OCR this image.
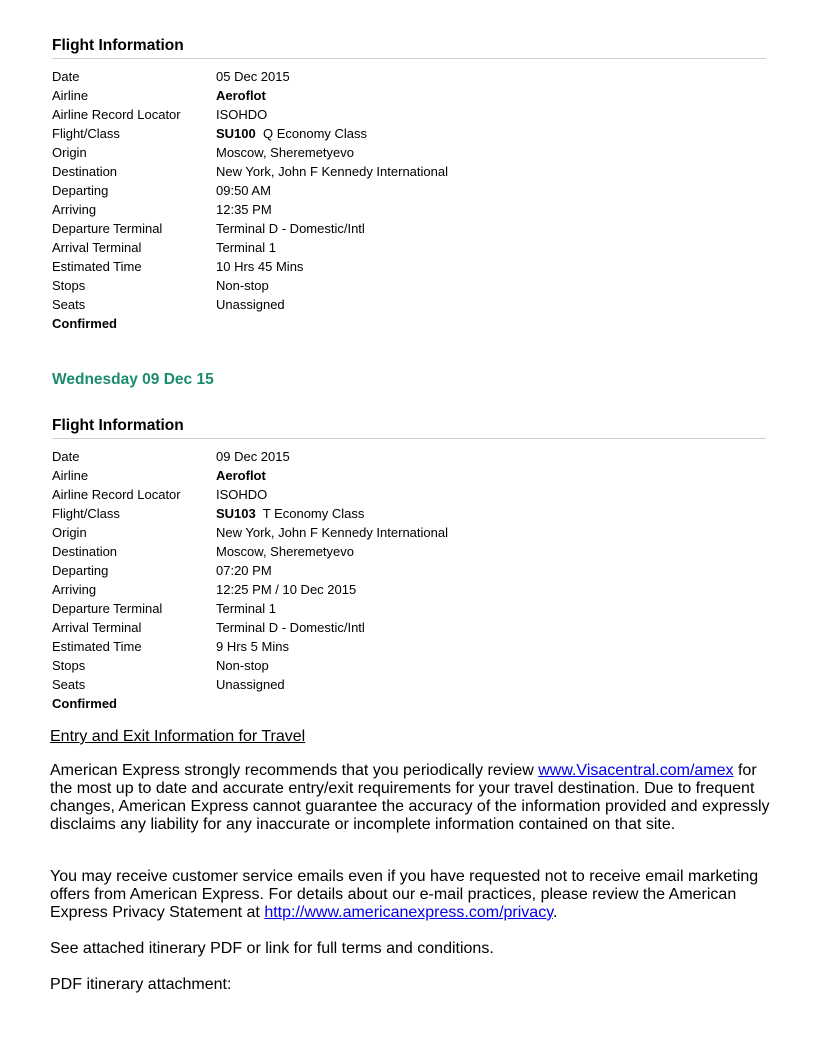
Flight Information
Date	05 Dec 2015
Airline	Aeroflot
Airline Record Locator	ISOHDO
Flight/Class	SU100 Q Economy Class
Origin	Moscow, Sheremetyevo
Destination	New York, John F Kennedy International
Departing	09:50 AM
Arriving	12:35 PM
Departure Terminal	Terminal D - Domestic/Intl
Arrival Terminal	Terminal 1
Estimated Time	10 Hrs 45 Mins
Stops	Non-stop
Seats	Unassigned
Confirmed
Wednesday 09 Dec 15
Flight Information
Date	09 Dec 2015
Airline	Aeroflot
Airline Record Locator	ISOHDO
Flight/Class	SU103 T Economy Class
Origin	New York, John F Kennedy International
Destination	Moscow, Sheremetyevo
Departing	07:20 PM
Arriving	12:25 PM / 10 Dec 2015
Departure Terminal	Terminal 1
Arrival Terminal	Terminal D - Domestic/Intl
Estimated Time	9 Hrs 5 Mins
Stops	Non-stop
Seats	Unassigned
Confirmed
Entry and Exit Information for Travel

American Express strongly recommends that you periodically review www.Visacentral.com/amex for the most up to date and accurate entry/exit requirements for your travel destination. Due to frequent changes, American Express cannot guarantee the accuracy of the information provided and expressly disclaims any liability for any inaccurate or incomplete information contained on that site.

You may receive customer service emails even if you have requested not to receive email marketing offers from American Express. For details about our e-mail practices, please review the American Express Privacy Statement at http://www.americanexpress.com/privacy.

See attached itinerary PDF or link for full terms and conditions.

PDF itinerary attachment:
